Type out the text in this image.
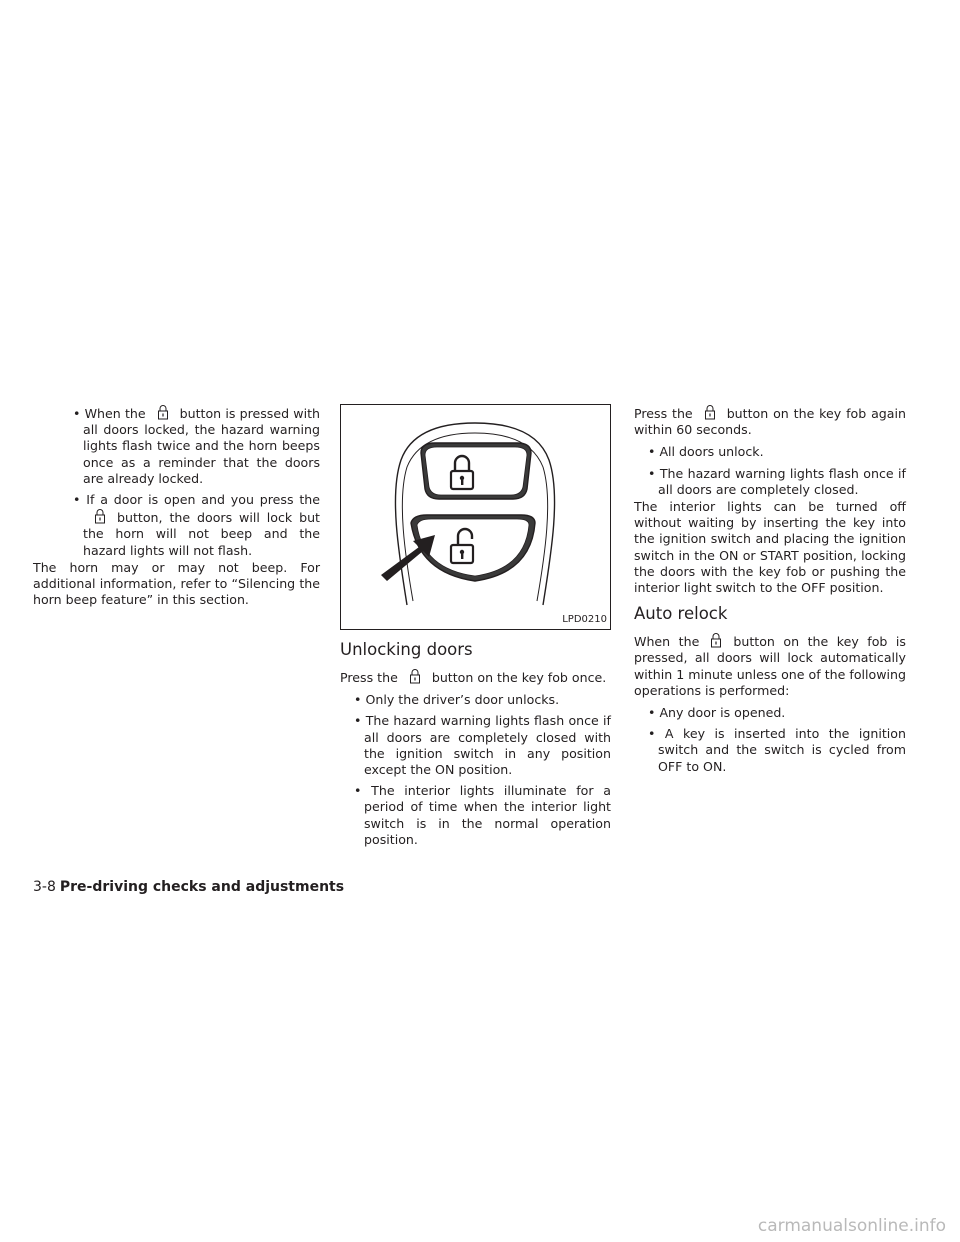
• When the	button is pressed with all doors locked, the hazard warning lights flash twice and the horn beeps once as a reminder that the doors are already locked.
• If a door is open and you press the
button, the doors will lock but the horn will not beep and the hazard lights will not flash.

The horn may or may not beep. For additional information, refer to “Silencing the horn beep feature” in this section.

LPD0210
Unlocking doors

Press the	button on the key fob once.

• Only the driver’s door unlocks.
• The hazard warning lights flash once if all doors are completely closed with the ignition switch in any position except the ON position.
• The interior lights illuminate for a period of time when the interior light switch is in the normal operation position.

Press the	button on the key fob again within 60 seconds.

• All doors unlock.
• The hazard warning lights flash once if all doors are completely closed.

The interior lights can be turned off without waiting by inserting the key into the ignition switch and placing the ignition switch in the ON or START position, locking the doors with the key fob or pushing the interior light switch to the OFF position.

Auto relock

When the	button on the key fob is pressed, all doors will lock automatically within 1 minute unless one of the following operations is performed:

• Any door is opened.
• A key is inserted into the ignition switch and the switch is cycled from OFF to ON.
3-8 Pre-driving checks and adjustments
carmanualsonline.info
